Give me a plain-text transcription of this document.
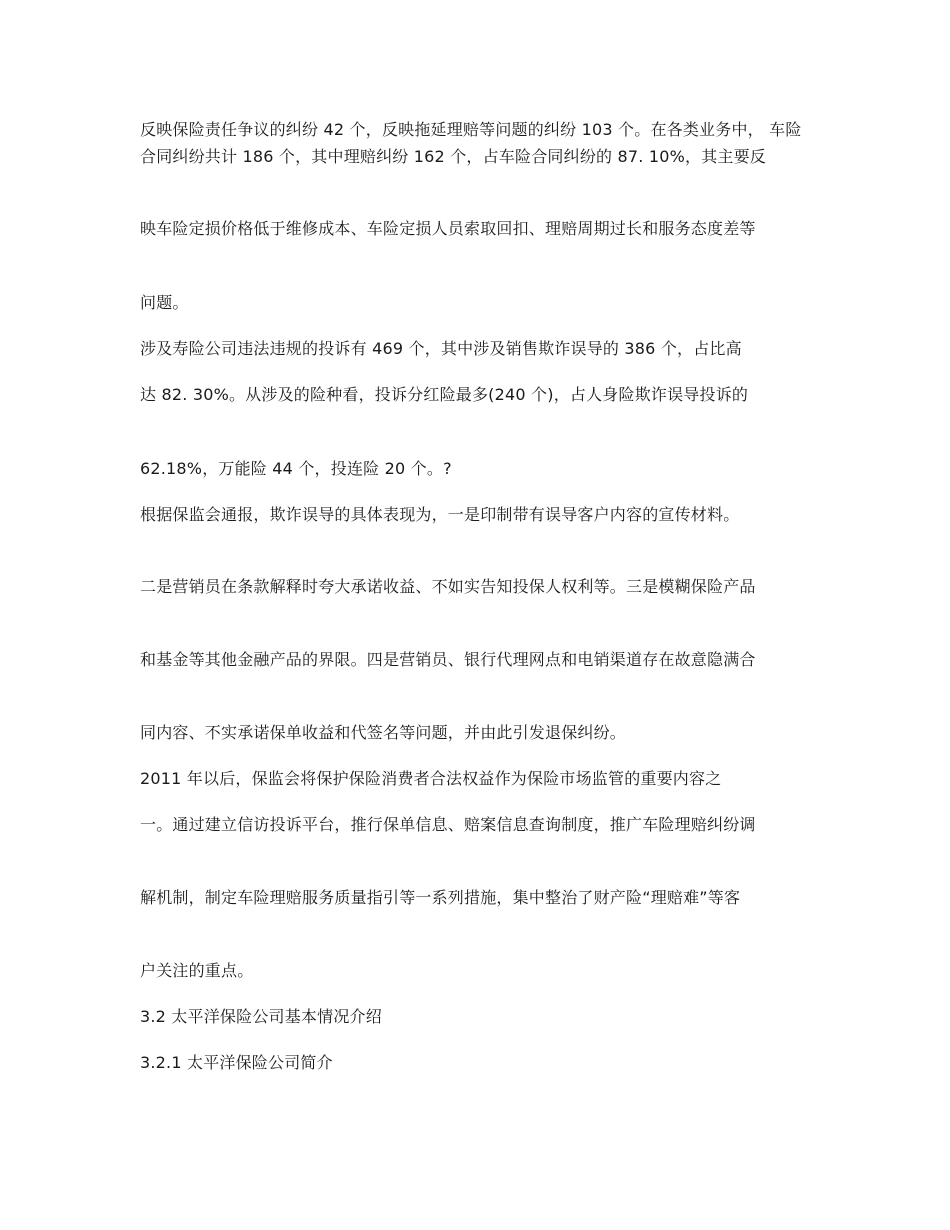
反映保险责任争议的纠纷 42 个，反映拖延理赔等问题的纠纷 103 个。在各类业务中， 车险合同纠纷共计 186 个，其中理赔纠纷 162 个，占车险合同纠纷的 87. 10%，其主要反

映车险定损价格低于维修成本、车险定损人员索取回扣、理赔周期过长和服务态度差等

问题。

涉及寿险公司违法违规的投诉有 469 个，其中涉及销售欺诈误导的 386 个，占比高

达 82. 30%。从涉及的险种看，投诉分红险最多(240 个)，占人身险欺诈误导投诉的

62.18%，万能险 44 个，投连险 20 个。?

根据保监会通报，欺诈误导的具体表现为，一是印制带有误导客户内容的宣传材料。

二是营销员在条款解释时夸大承诺收益、不如实告知投保人权利等。三是模糊保险产品

和基金等其他金融产品的界限。四是营销员、银行代理网点和电销渠道存在故意隐满合

同内容、不实承诺保单收益和代签名等问题，并由此引发退保纠纷。

2011 年以后，保监会将保护保险消费者合法权益作为保险市场监管的重要内容之

一。通过建立信访投诉平台，推行保单信息、赔案信息查询制度，推广车险理赔纠纷调

解机制，制定车险理赔服务质量指引等一系列措施，集中整治了财产险“理赔难”等客

户关注的重点。

3.2 太平洋保险公司基本情况介绍

3.2.1 太平洋保险公司简介
